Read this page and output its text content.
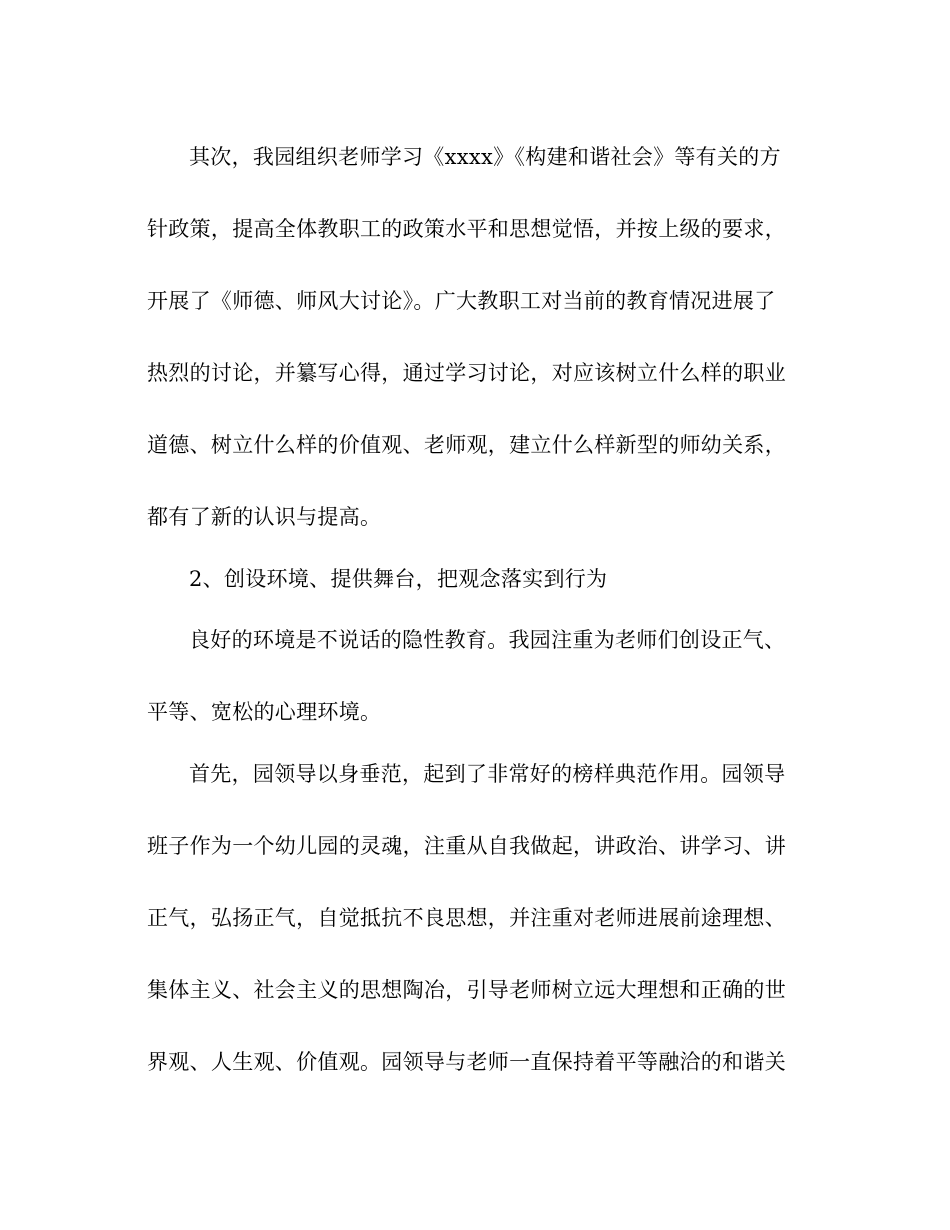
其次，我园组织老师学习《xxxx》《构建和谐社会》等有关的方
针政策，提高全体教职工的政策水平和思想觉悟，并按上级的要求，
开展了《师德、师风大讨论》。广大教职工对当前的教育情况进展了
热烈的讨论，并纂写心得，通过学习讨论，对应该树立什么样的职业
道德、树立什么样的价值观、老师观，建立什么样新型的师幼关系，
都有了新的认识与提高。
2、创设环境、提供舞台，把观念落实到行为
良好的环境是不说话的隐性教育。我园注重为老师们创设正气、
平等、宽松的心理环境。
首先，园领导以身垂范，起到了非常好的榜样典范作用。园领导
班子作为一个幼儿园的灵魂，注重从自我做起，讲政治、讲学习、讲
正气，弘扬正气，自觉抵抗不良思想，并注重对老师进展前途理想、
集体主义、社会主义的思想陶冶，引导老师树立远大理想和正确的世
界观、人生观、价值观。园领导与老师一直保持着平等融洽的和谐关
